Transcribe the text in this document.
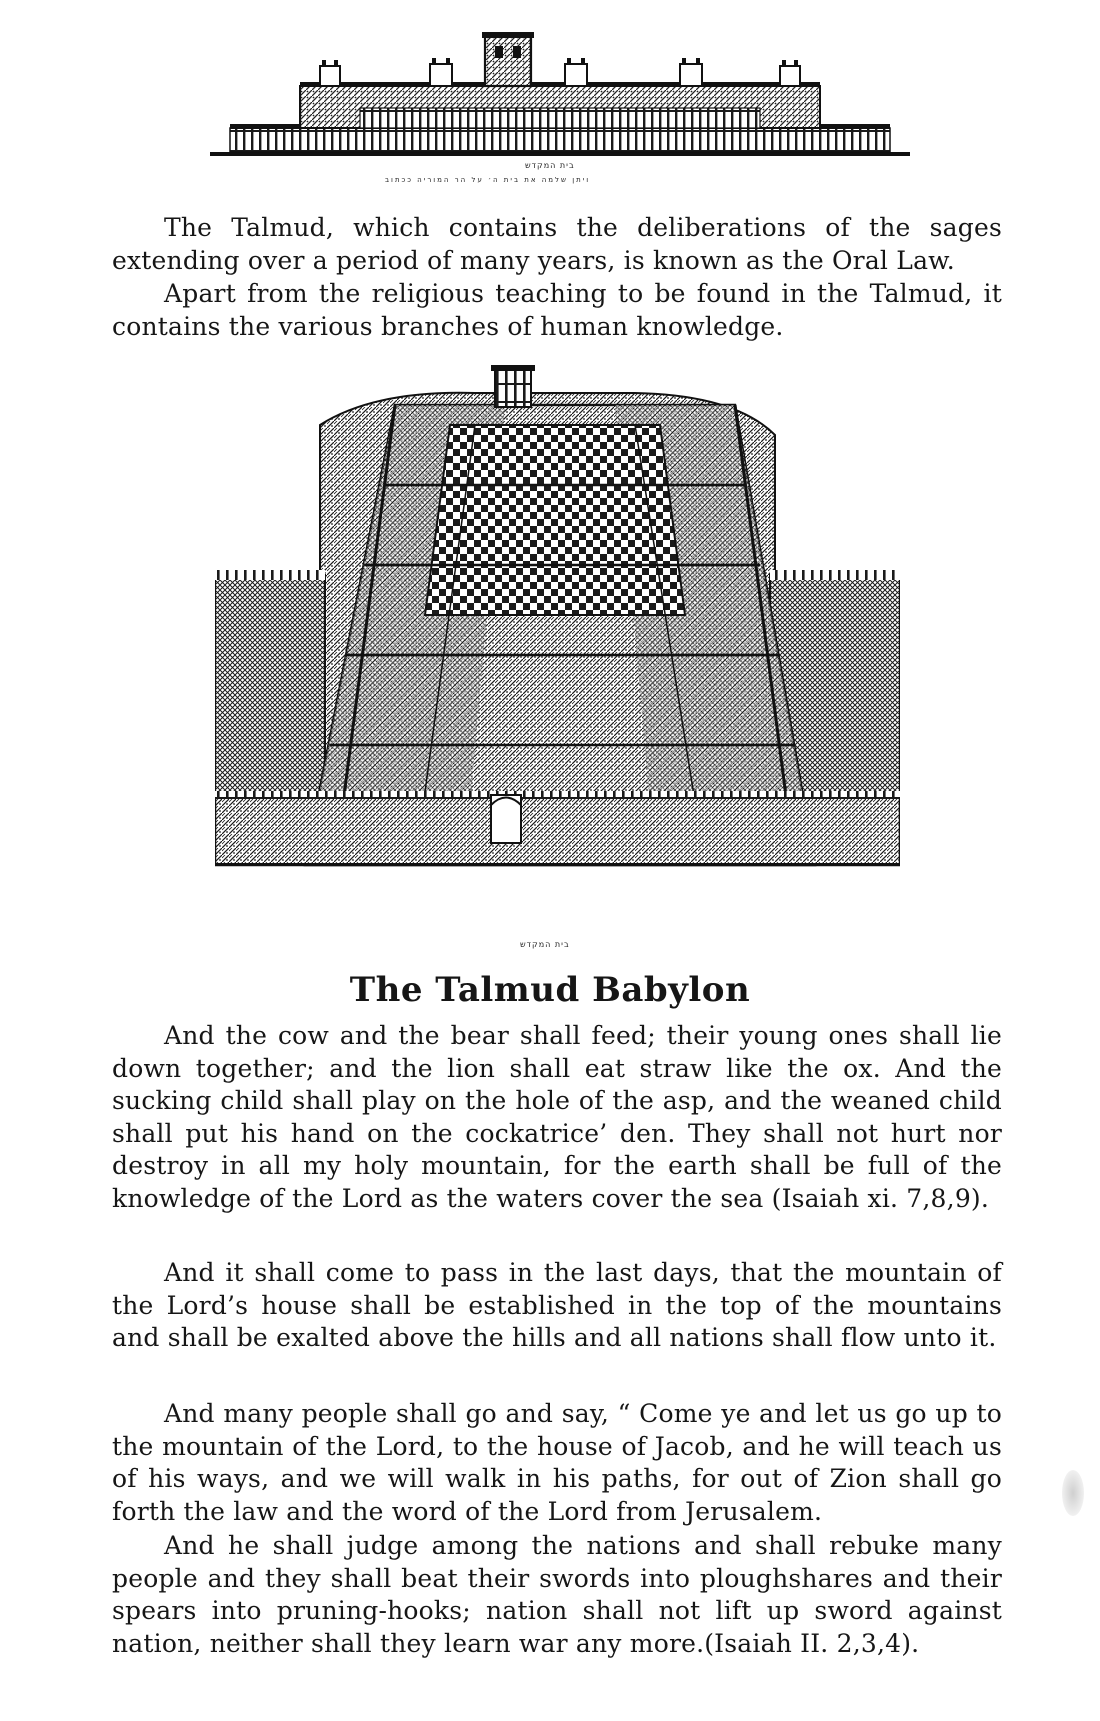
בית המקדש
ויתן שלמה את בית ה׳ על הר המוריה ככתוב

The Talmud, which contains the deliberations of the sages extending over a period of many years, is known as the Oral Law.

Apart from the religious teaching to be found in the Talmud, it contains the various branches of human knowledge.

בית המקדש
The Talmud Babylon

And the cow and the bear shall feed; their young ones shall lie down together; and the lion shall eat straw like the ox. And the sucking child shall play on the hole of the asp, and the weaned child shall put his hand on the cockatrice’ den. They shall not hurt nor destroy in all my holy mountain, for the earth shall be full of the knowledge of the Lord as the waters cover the sea (Isaiah xi. 7,8,9).

And it shall come to pass in the last days, that the mountain of the Lord’s house shall be established in the top of the mountains and shall be exalted above the hills and all nations shall flow unto it.

And many people shall go and say, “ Come ye and let us go up to the mountain of the Lord, to the house of Jacob, and he will teach us of his ways, and we will walk in his paths, for out of Zion shall go forth the law and the word of the Lord from Jerusalem.

And he shall judge among the nations and shall rebuke many people and they shall beat their swords into ploughshares and their spears into pruning-hooks; nation shall not lift up sword against nation, neither shall they learn war any more.(Isaiah II. 2,3,4).
